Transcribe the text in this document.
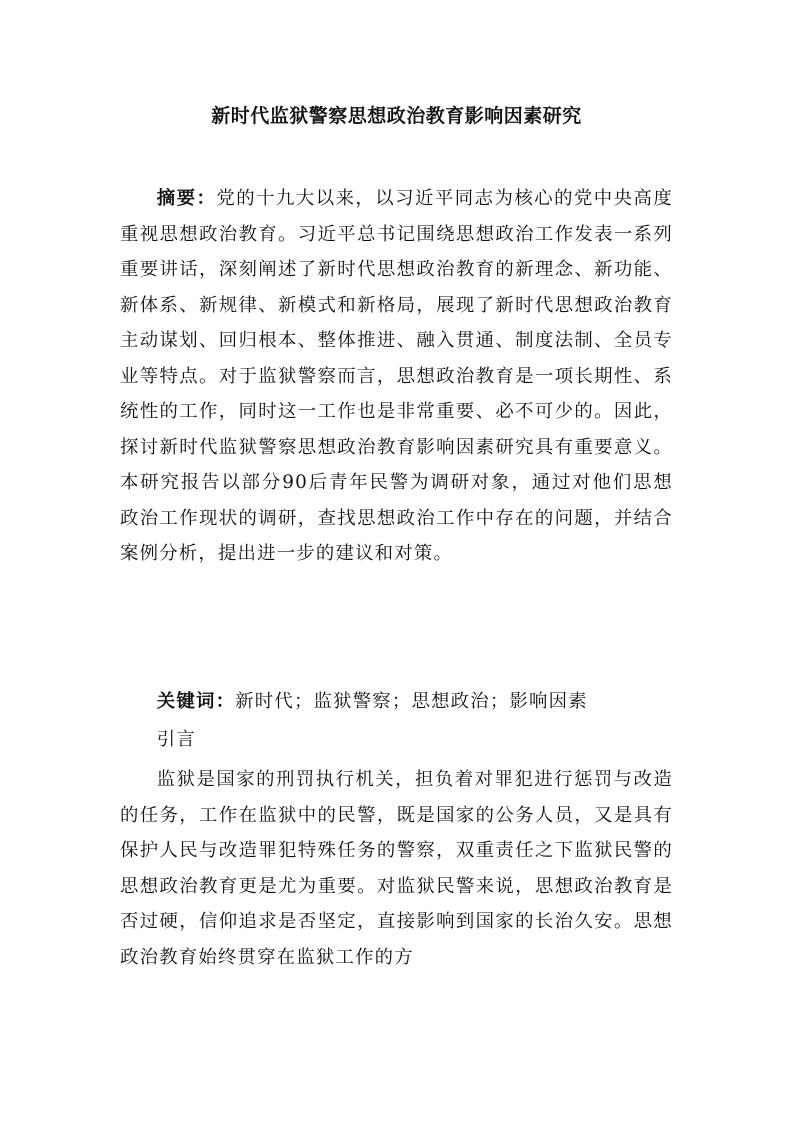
新时代监狱警察思想政治教育影响因素研究
摘要：党的十九大以来，以习近平同志为核心的党中央高度重视思想政治教育。习近平总书记围绕思想政治工作发表一系列重要讲话，深刻阐述了新时代思想政治教育的新理念、新功能、新体系、新规律、新模式和新格局，展现了新时代思想政治教育主动谋划、回归根本、整体推进、融入贯通、制度法制、全员专业等特点。对于监狱警察而言，思想政治教育是一项长期性、系统性的工作，同时这一工作也是非常重要、必不可少的。因此，探讨新时代监狱警察思想政治教育影响因素研究具有重要意义。本研究报告以部分90后青年民警为调研对象，通过对他们思想政治工作现状的调研，查找思想政治工作中存在的问题，并结合案例分析，提出进一步的建议和对策。
关键词：新时代；监狱警察；思想政治；影响因素
引言
监狱是国家的刑罚执行机关，担负着对罪犯进行惩罚与改造的任务，工作在监狱中的民警，既是国家的公务人员，又是具有保护人民与改造罪犯特殊任务的警察，双重责任之下监狱民警的思想政治教育更是尤为重要。对监狱民警来说，思想政治教育是否过硬，信仰追求是否坚定，直接影响到国家的长治久安。思想政治教育始终贯穿在监狱工作的方
